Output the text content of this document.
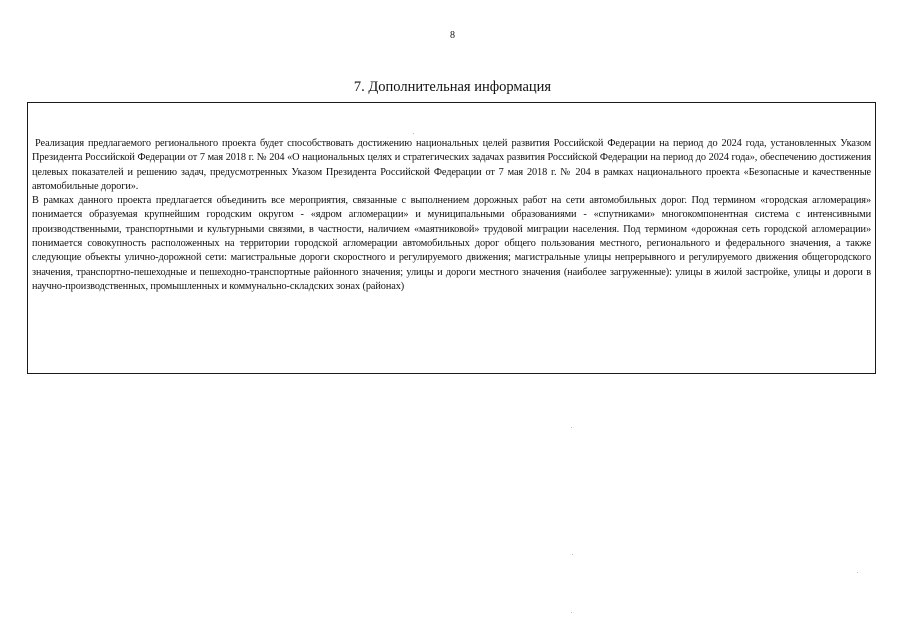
8
7. Дополнительная информация

Реализация предлагаемого регионального проекта будет способствовать достижению национальных целей развития Российской Федерации на период до 2024 года, установленных Указом Президента Российской Федерации от 7 мая 2018 г. № 204 «О национальных целях и стратегических задачах развития Российской Федерации на период до 2024 года», обеспечению достижения целевых показателей и решению задач, предусмотренных Указом Президента Российской Федерации от 7 мая 2018 г. № 204 в рамках национального проекта «Безопасные и качественные автомобильные дороги».

В рамках данного проекта предлагается объединить все мероприятия, связанные с выполнением дорожных работ на сети автомобильных дорог. Под термином «городская агломерация» понимается образуемая крупнейшим городским округом - «ядром агломерации» и муниципальными образованиями - «спутниками» многокомпонентная система с интенсивными производственными, транспортными и культурными связями, в частности, наличием «маятниковой» трудовой миграции населения. Под термином «дорожная сеть городской агломерации» понимается совокупность расположенных на территории городской агломерации автомобильных дорог общего пользования местного, регионального и федерального значения, а также следующие объекты улично-дорожной сети: магистральные дороги скоростного и регулируемого движения; магистральные улицы непрерывного и регулируемого движения общегородского значения, транспортно-пешеходные и пешеходно-транспортные районного значения; улицы и дороги местного значения (наиболее загруженные): улицы в жилой застройке, улицы и дороги в научно-производственных, промышленных и коммунально-складских зонах (районах)
